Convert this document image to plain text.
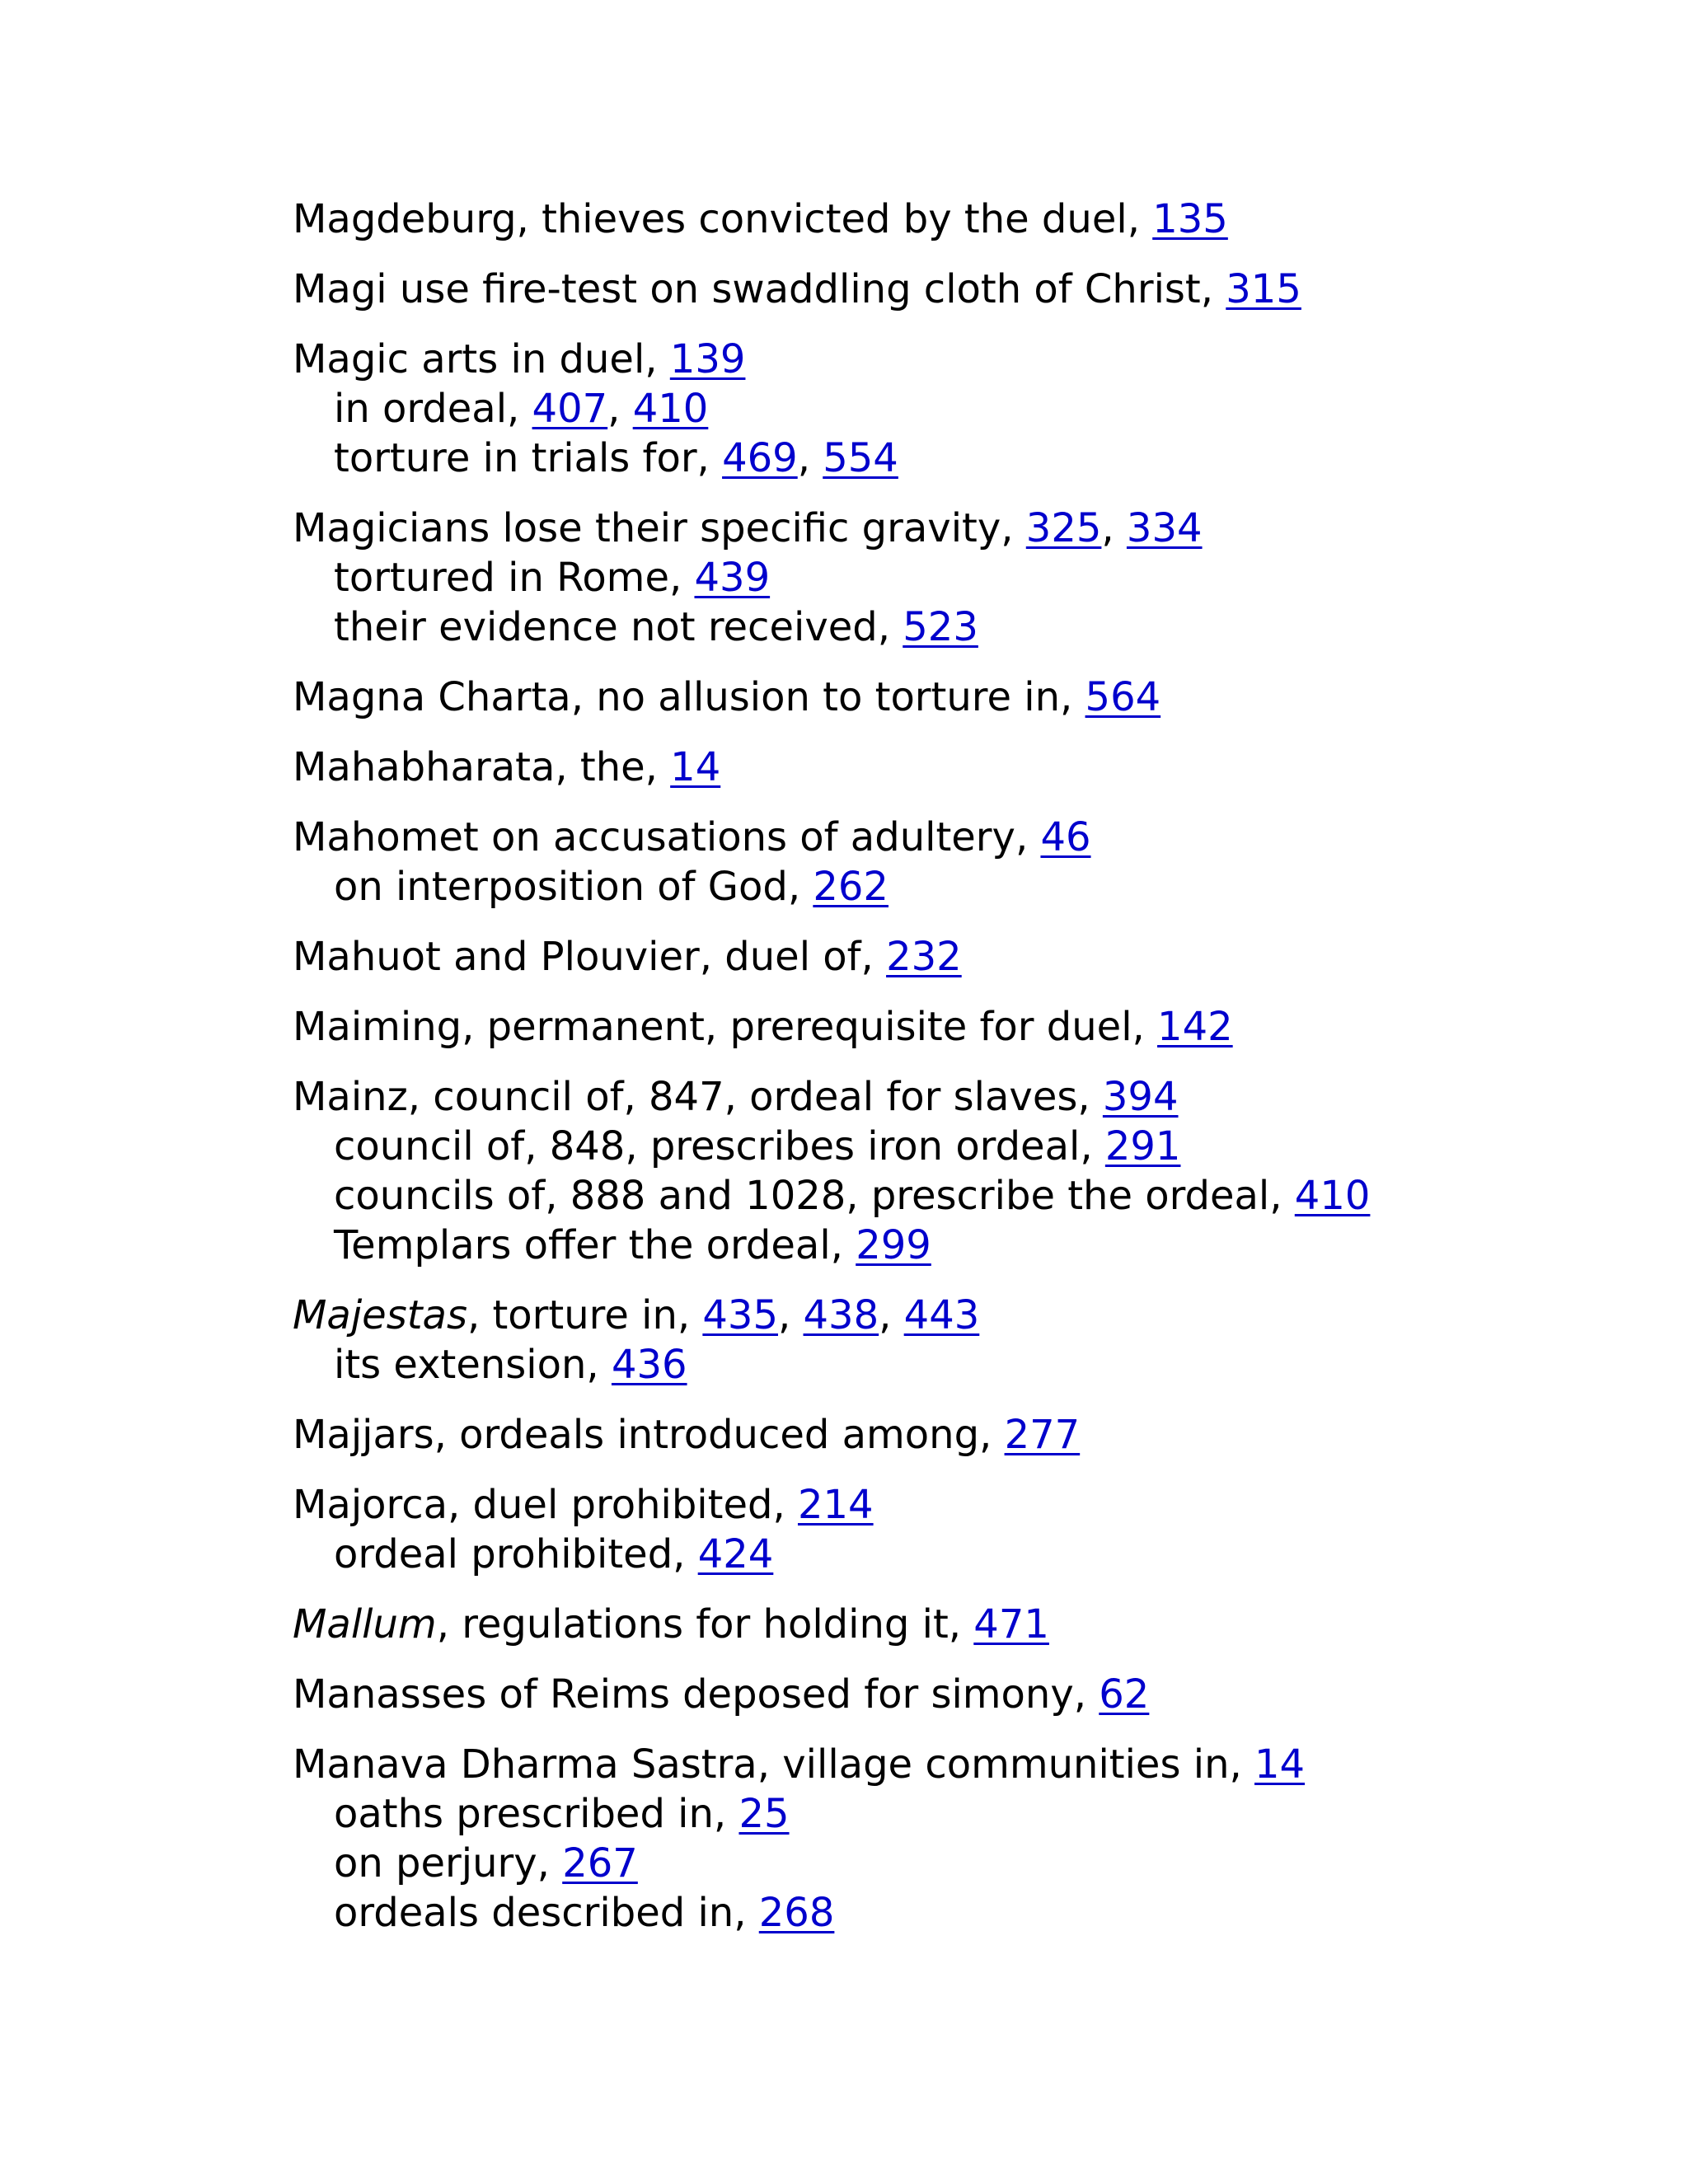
Magdeburg, thieves convicted by the duel, 135
Magi use fire-test on swaddling cloth of Christ, 315
Magic arts in duel, 139
in ordeal, 407, 410
torture in trials for, 469, 554
Magicians lose their specific gravity, 325, 334
tortured in Rome, 439
their evidence not received, 523
Magna Charta, no allusion to torture in, 564
Mahabharata, the, 14
Mahomet on accusations of adultery, 46
on interposition of God, 262
Mahuot and Plouvier, duel of, 232
Maiming, permanent, prerequisite for duel, 142
Mainz, council of, 847, ordeal for slaves, 394
council of, 848, prescribes iron ordeal, 291
councils of, 888 and 1028, prescribe the ordeal, 410
Templars offer the ordeal, 299
Majestas, torture in, 435, 438, 443
its extension, 436
Majjars, ordeals introduced among, 277
Majorca, duel prohibited, 214
ordeal prohibited, 424
Mallum, regulations for holding it, 471
Manasses of Reims deposed for simony, 62
Manava Dharma Sastra, village communities in, 14
oaths prescribed in, 25
on perjury, 267
ordeals described in, 268
